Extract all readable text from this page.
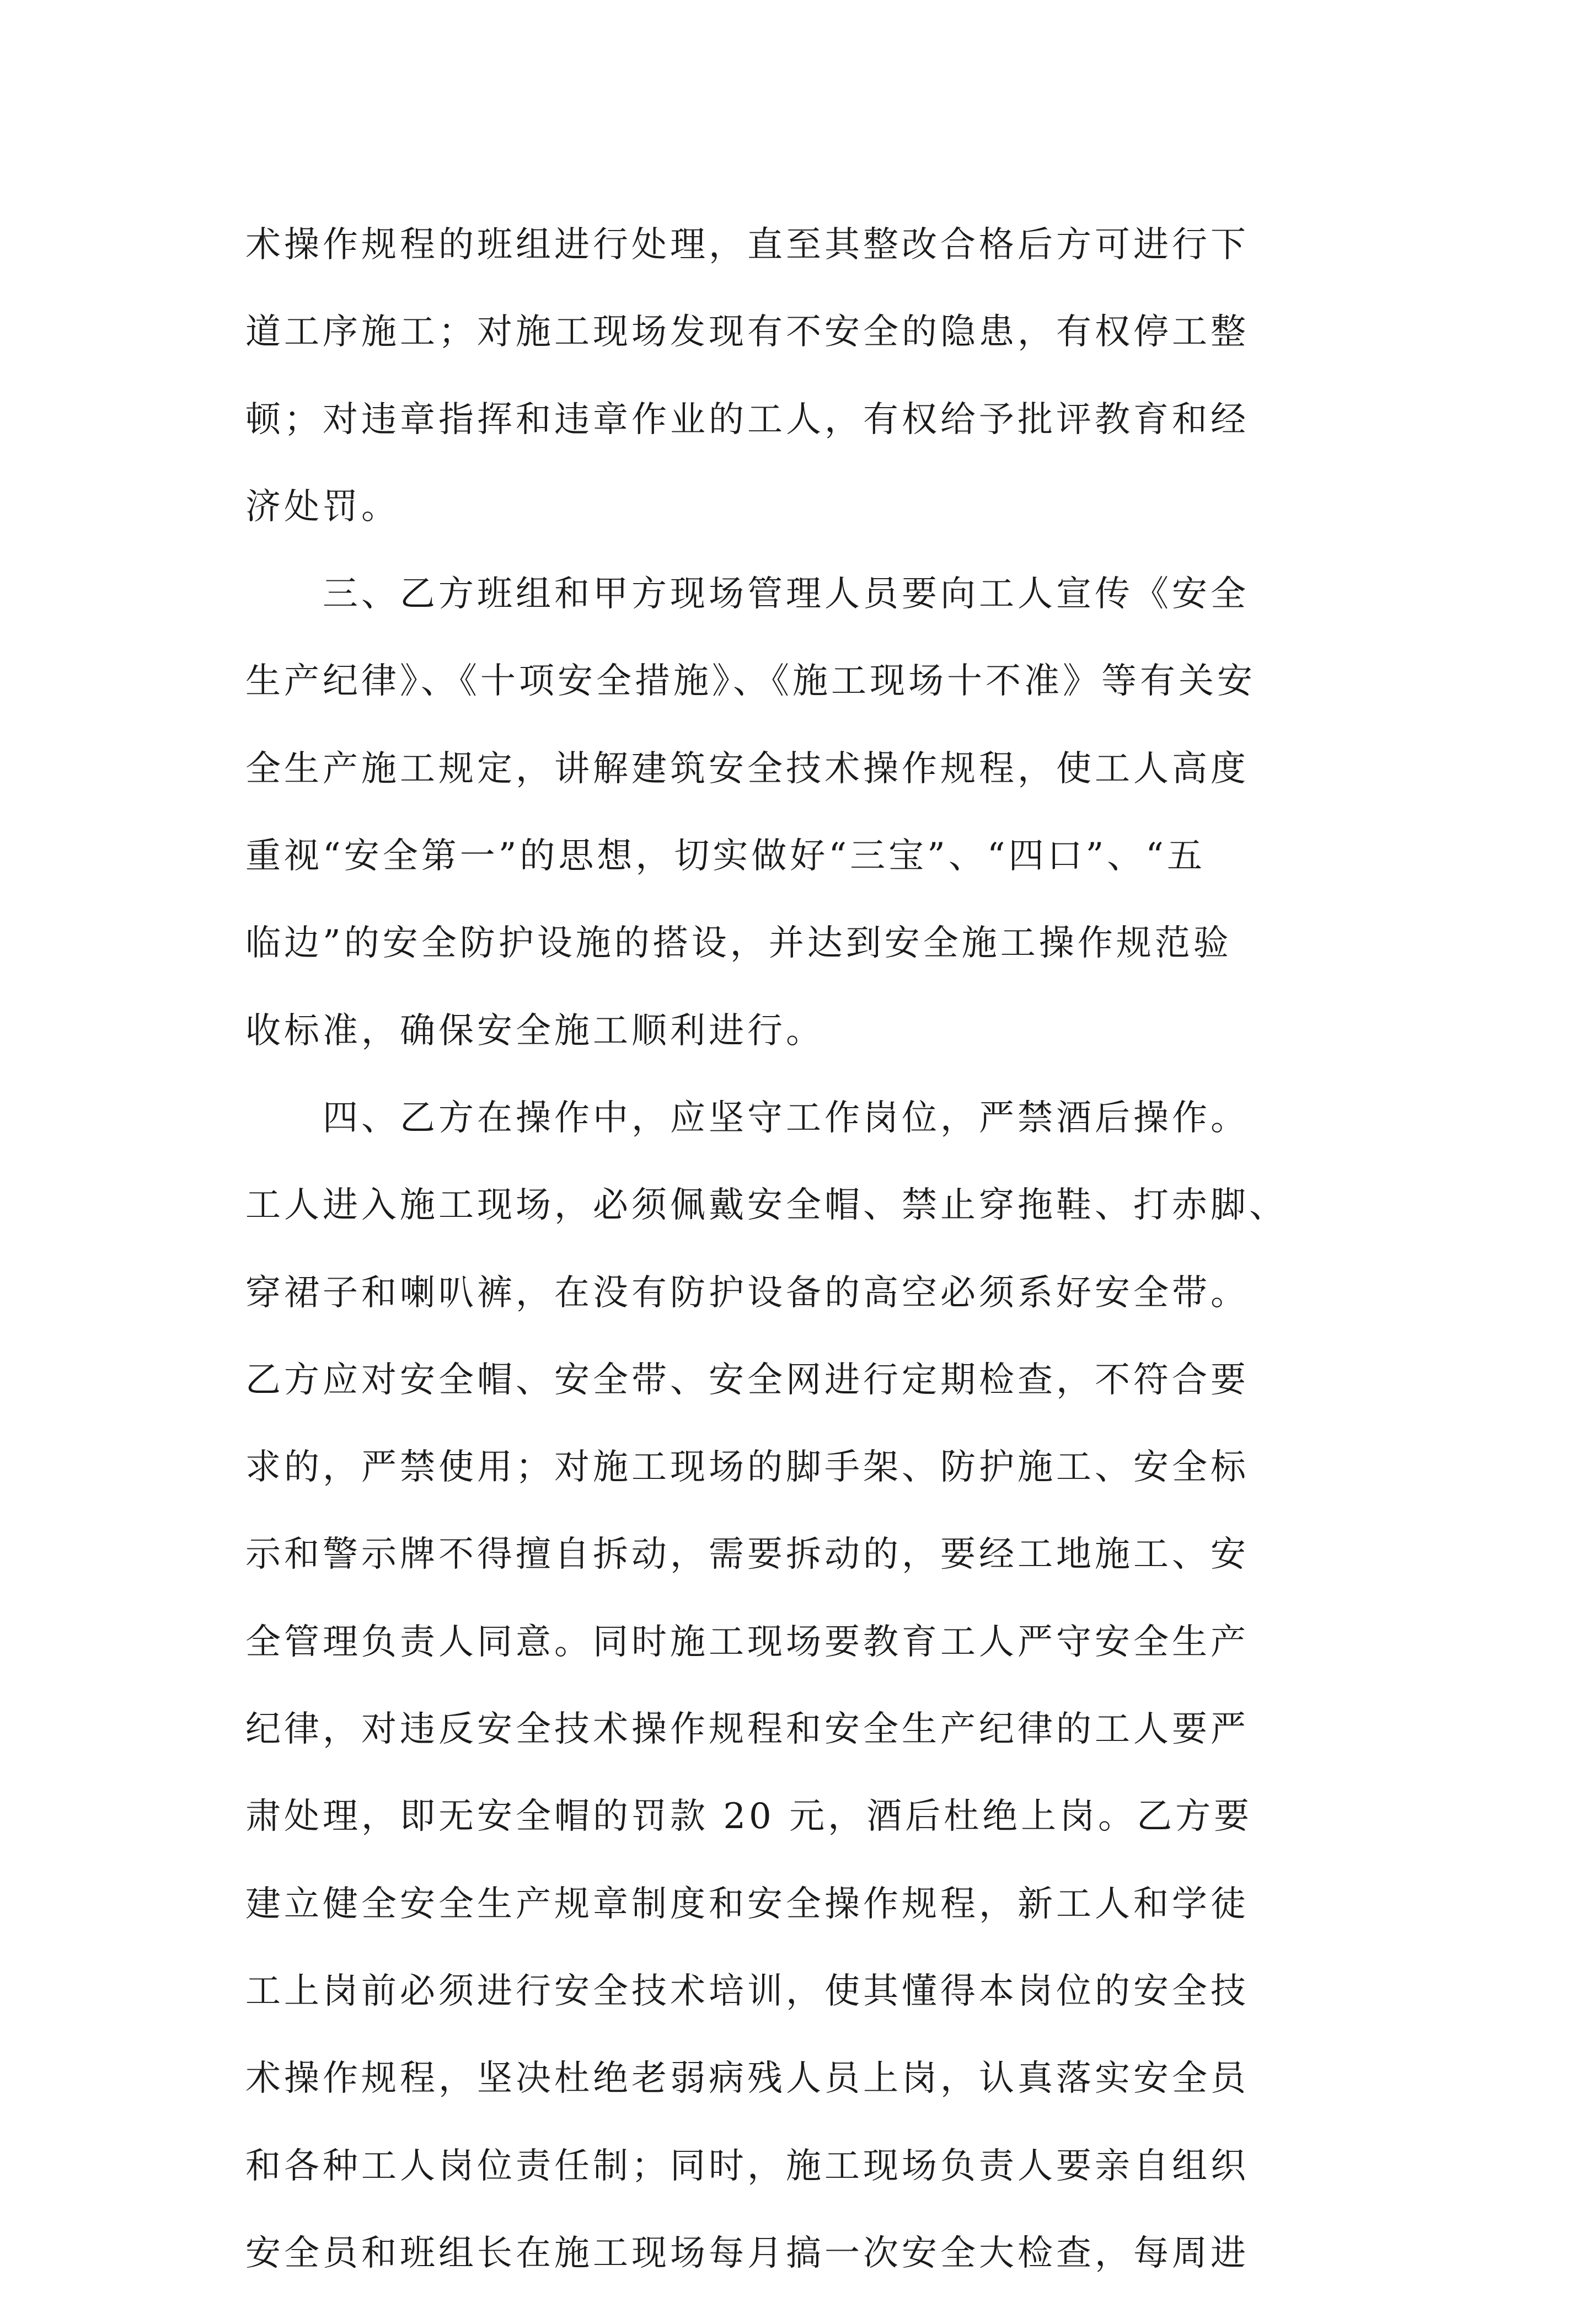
术操作规程的班组进行处理，直至其整改合格后方可进行下
道工序施工；对施工现场发现有不安全的隐患，有权停工整
顿；对违章指挥和违章作业的工人，有权给予批评教育和经
济处罚。
　　三、乙方班组和甲方现场管理人员要向工人宣传《安全
生产纪律》、《十项安全措施》、《施工现场十不准》等有关安
全生产施工规定，讲解建筑安全技术操作规程，使工人高度
重视“安全第一”的思想，切实做好“三宝”、“四口”、“五
临边”的安全防护设施的搭设，并达到安全施工操作规范验
收标准，确保安全施工顺利进行。
　　四、乙方在操作中，应坚守工作岗位，严禁酒后操作。
工人进入施工现场，必须佩戴安全帽、禁止穿拖鞋、打赤脚、
穿裙子和喇叭裤，在没有防护设备的高空必须系好安全带。
乙方应对安全帽、安全带、安全网进行定期检查，不符合要
求的，严禁使用；对施工现场的脚手架、防护施工、安全标
示和警示牌不得擅自拆动，需要拆动的，要经工地施工、安
全管理负责人同意。同时施工现场要教育工人严守安全生产
纪律，对违反安全技术操作规程和安全生产纪律的工人要严
肃处理，即无安全帽的罚款 20 元，酒后杜绝上岗。乙方要
建立健全安全生产规章制度和安全操作规程，新工人和学徒
工上岗前必须进行安全技术培训，使其懂得本岗位的安全技
术操作规程，坚决杜绝老弱病残人员上岗，认真落实安全员
和各种工人岗位责任制；同时，施工现场负责人要亲自组织
安全员和班组长在施工现场每月搞一次安全大检查，每周进
